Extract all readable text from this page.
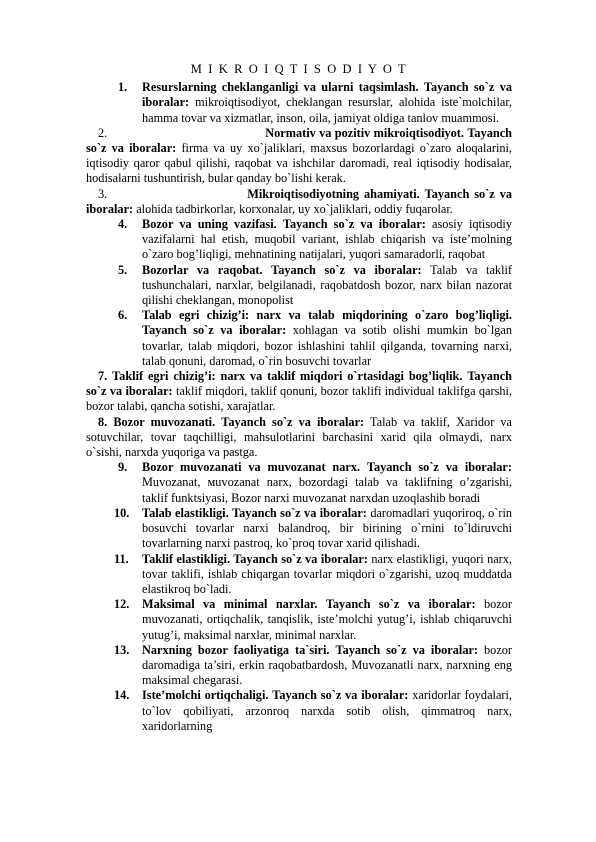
M I K R O I Q T I S O D I Y O T

1.	Resurslarning cheklanganligi va ularni taqsimlash. Tayanch so`z va iboralar: mikroiqtisodiyot, cheklangan resurslar, alohida iste`molchilar, hamma tovar va xizmatlar, inson, oila, jamiyat oldiga tanlov muammosi.

2.	Normativ va pozitiv mikroiqtisodiyot. Tayanch so`z va iboralar: firma va uy xo`jaliklari, maxsus bozorlardagi o`zaro aloqalarini, iqtisodiy qaror qabul qilishi, raqobat va ishchilar daromadi, real iqtisodiy hodisalar, hodisalarni tushuntirish, bular qanday bo`lishi kerak.

3.	Mikroiqtisodiyotning ahamiyati. Tayanch so`z va iboralar: alohida tadbirkorlar, korxonalar, uy xo`jaliklari, oddiy fuqarolar.

4.	Bozor va uning vazifasi. Tayanch so`z va iboralar: asosiy iqtisodiy vazifalarni hal etish, muqobil variant, ishlab chiqarish va iste’molning o`zaro bog’liqligi, mehnatining natijalari, yuqori samaradorli, raqobat

5.	Bozorlar va raqobat. Tayanch so`z va iboralar: Talab va taklif tushunchalari, narxlar, belgilanadi, raqobatdosh bozor, narx bilan nazorat qilishi cheklangan, monopolist

6.	Talab egri chizig’i: narx va talab miqdorining o`zaro bog’liqligi. Tayanch so`z va iboralar: xohlagan va sotib olishi mumkin bo`lgan tovarlar, talab miqdori, bozor ishlashini tahlil qilganda, tovarning narxi, talab qonuni, daromad, o`rin bosuvchi tovarlar

7. Taklif egri chizig’i: narx va taklif miqdori o`rtasidagi bog’liqlik. Tayanch so`z va iboralar: taklif miqdori, taklif qonuni, bozor taklifi individual taklifga qarshi, bozor talabi, qancha sotishi, xarajatlar.

8. Bozor muvozanati. Tayanch so`z va iboralar: Talab va taklif, Xaridor va sotuvchilar, tovar taqchilligi, mahsulotlarini barchasini xarid qila olmaydi, narx o`sishi, narxda yuqoriga va pastga.

9.	Bozor muvozanati va muvozanat narx. Tayanch so`z va iboralar: Muvozanat, мuvozanat narx, bozordagi talab va taklifning o’zgarishi, taklif funktsiyasi, Bozor narxi muvozanat narxdan uzoqlashib boradi

10.	Talab elastikligi. Tayanch so`z va iboralar: daromadlari yuqoriroq, o`rin bosuvchi tovarlar narxi balandroq, bir birining o`rnini to`ldiruvchi tovarlarning narxi pastroq, ko`proq tovar xarid qilishadi.

11.	Taklif elastikligi. Tayanch so`z va iboralar: narx elastikligi, yuqori narx, tovar taklifi, ishlab chiqargan tovarlar miqdori o`zgarishi, uzoq muddatda elastikroq bo`ladi.

12.	Maksimal va minimal narxlar. Tayanch so`z va iboralar: bozor muvozanati, ortiqchalik, tanqislik, iste’molchi yutug’i, ishlab chiqaruvchi yutug’i, maksimal narxlar, minimal narxlar.

13.	Narxning bozor faoliyatiga ta`siri. Tayanch so`z va iboralar: bozor daromadiga ta’siri, erkin raqobatbardosh, Muvozanatli narx, narxning eng maksimal chegarasi.

14.	Iste’molchi ortiqchaligi. Tayanch so`z va iboralar: xaridorlar foydalari, to`lov qobiliyati, arzonroq narxda sotib olish, qimmatroq narx, xaridorlarning
